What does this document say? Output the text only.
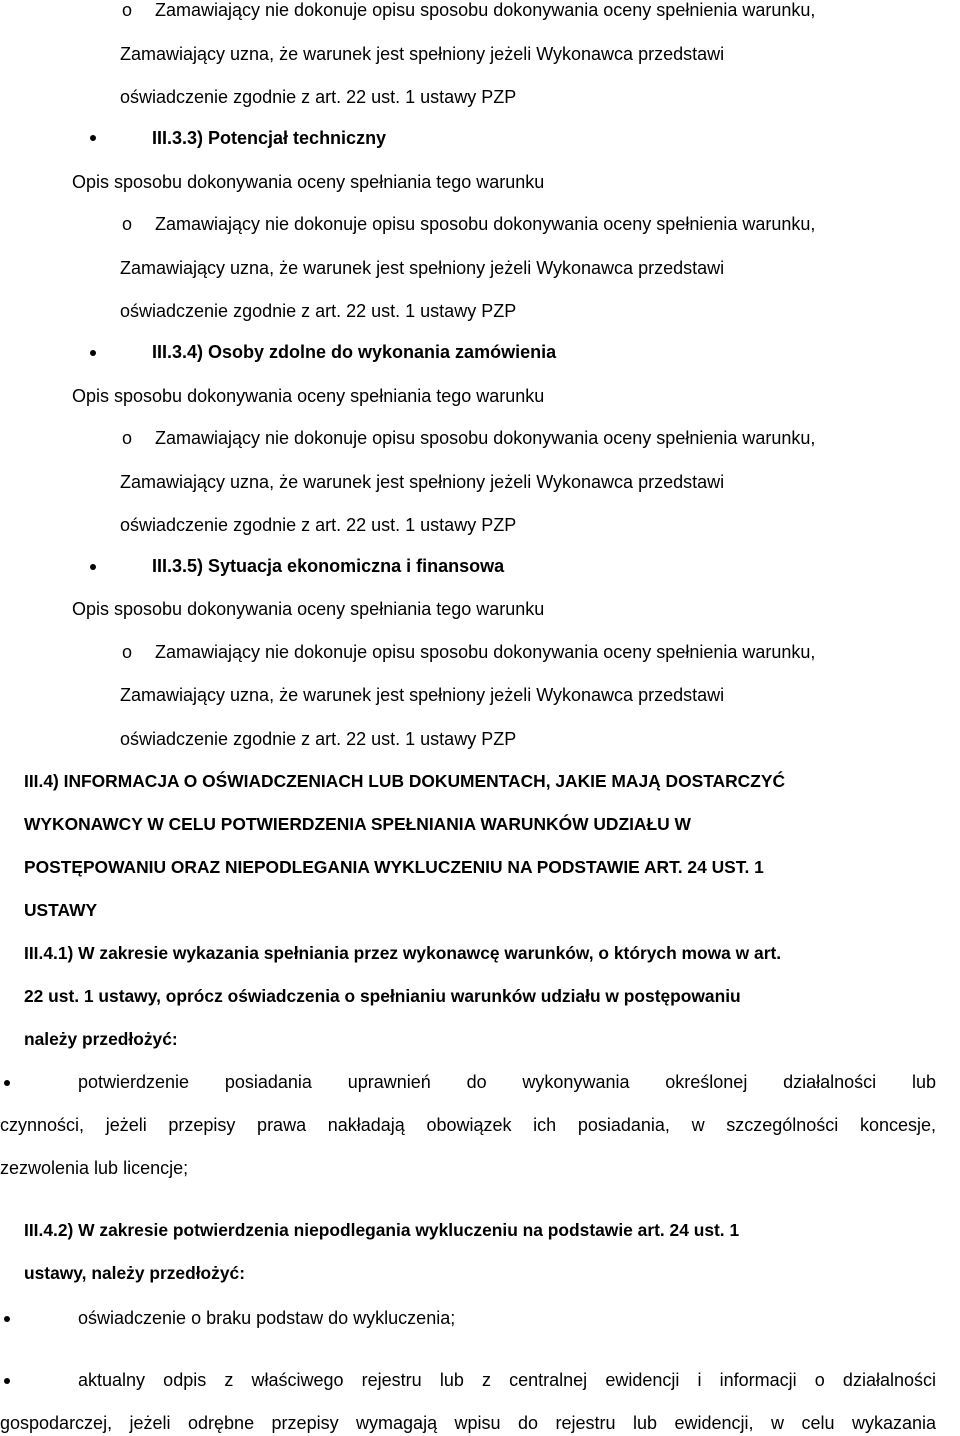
o Zamawiający nie dokonuje opisu sposobu dokonywania oceny spełnienia warunku,
Zamawiający uzna, że warunek jest spełniony jeżeli Wykonawca przedstawi
oświadczenie zgodnie z art. 22 ust. 1 ustawy PZP
III.3.3) Potencjał techniczny
Opis sposobu dokonywania oceny spełniania tego warunku
o Zamawiający nie dokonuje opisu sposobu dokonywania oceny spełnienia warunku,
Zamawiający uzna, że warunek jest spełniony jeżeli Wykonawca przedstawi
oświadczenie zgodnie z art. 22 ust. 1 ustawy PZP
III.3.4) Osoby zdolne do wykonania zamówienia
Opis sposobu dokonywania oceny spełniania tego warunku
o Zamawiający nie dokonuje opisu sposobu dokonywania oceny spełnienia warunku,
Zamawiający uzna, że warunek jest spełniony jeżeli Wykonawca przedstawi
oświadczenie zgodnie z art. 22 ust. 1 ustawy PZP
III.3.5) Sytuacja ekonomiczna i finansowa
Opis sposobu dokonywania oceny spełniania tego warunku
o Zamawiający nie dokonuje opisu sposobu dokonywania oceny spełnienia warunku,
Zamawiający uzna, że warunek jest spełniony jeżeli Wykonawca przedstawi
oświadczenie zgodnie z art. 22 ust. 1 ustawy PZP
III.4) INFORMACJA O OŚWIADCZENIACH LUB DOKUMENTACH, JAKIE MAJĄ DOSTARCZYĆ
WYKONAWCY W CELU POTWIERDZENIA SPEŁNIANIA WARUNKÓW UDZIAŁU W
POSTĘPOWANIU ORAZ NIEPODLEGANIA WYKLUCZENIU NA PODSTAWIE ART. 24 UST. 1
USTAWY
III.4.1) W zakresie wykazania spełniania przez wykonawcę warunków, o których mowa w art.
22 ust. 1 ustawy, oprócz oświadczenia o spełnianiu warunków udziału w postępowaniu
należy przedłożyć:
potwierdzenie posiadania uprawnień do wykonywania określonej działalności lub
czynności, jeżeli przepisy prawa nakładają obowiązek ich posiadania, w szczególności koncesje,
zezwolenia lub licencje;
III.4.2) W zakresie potwierdzenia niepodlegania wykluczeniu na podstawie art. 24 ust. 1
ustawy, należy przedłożyć:
oświadczenie o braku podstaw do wykluczenia;
aktualny odpis z właściwego rejestru lub z centralnej ewidencji i informacji o działalności
gospodarczej, jeżeli odrębne przepisy wymagają wpisu do rejestru lub ewidencji, w celu wykazania
